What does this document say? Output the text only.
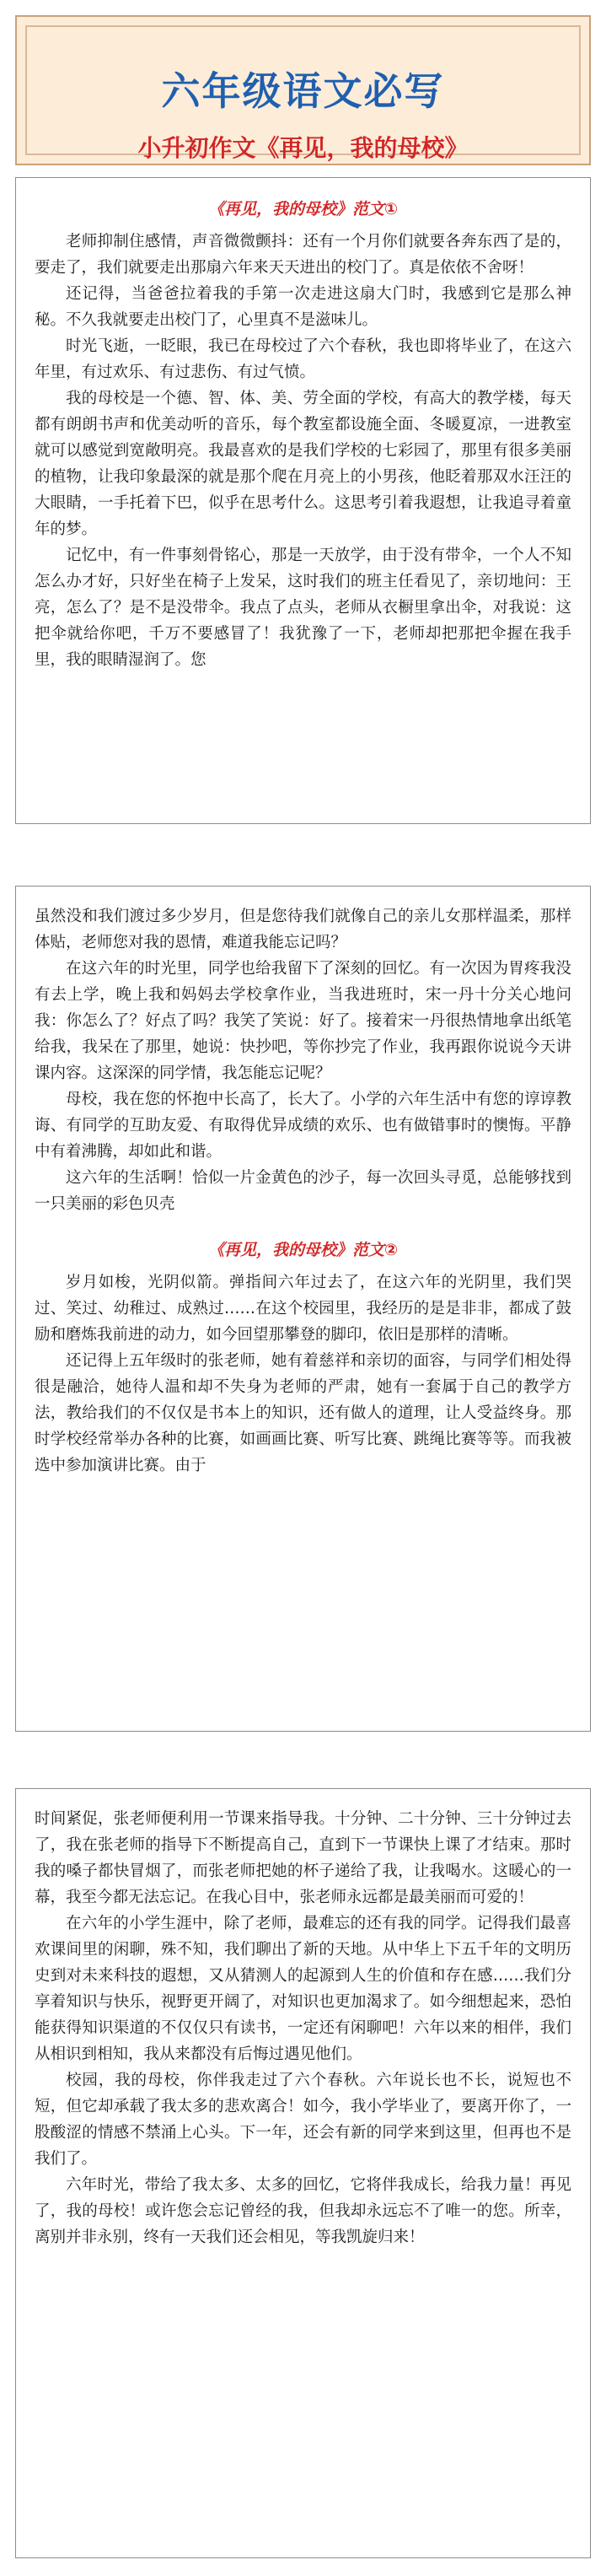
六年级语文必写
小升初作文《再见，我的母校》
《再见，我的母校》范文①

老师抑制住感情，声音微微颤抖：还有一个月你们就要各奔东西了是的，要走了，我们就要走出那扇六年来天天进出的校门了。真是依依不舍呀！

还记得，当爸爸拉着我的手第一次走进这扇大门时，我感到它是那么神秘。不久我就要走出校门了，心里真不是滋味儿。

时光飞逝，一眨眼，我已在母校过了六个春秋，我也即将毕业了，在这六年里，有过欢乐、有过悲伤、有过气愤。

我的母校是一个德、智、体、美、劳全面的学校，有高大的教学楼，每天都有朗朗书声和优美动听的音乐，每个教室都设施全面、冬暖夏凉，一进教室就可以感觉到宽敞明亮。我最喜欢的是我们学校的七彩园了，那里有很多美丽的植物，让我印象最深的就是那个爬在月亮上的小男孩，他眨着那双水汪汪的大眼睛，一手托着下巴，似乎在思考什么。这思考引着我遐想，让我追寻着童年的梦。

记忆中，有一件事刻骨铭心，那是一天放学，由于没有带伞，一个人不知怎么办才好，只好坐在椅子上发呆，这时我们的班主任看见了，亲切地问：王亮，怎么了？是不是没带伞。我点了点头，老师从衣橱里拿出伞，对我说：这把伞就给你吧，千万不要感冒了！我犹豫了一下，老师却把那把伞握在我手里，我的眼睛湿润了。您

虽然没和我们渡过多少岁月，但是您待我们就像自己的亲儿女那样温柔，那样体贴，老师您对我的恩情，难道我能忘记吗？

在这六年的时光里，同学也给我留下了深刻的回忆。有一次因为胃疼我没有去上学，晚上我和妈妈去学校拿作业，当我进班时，宋一丹十分关心地问我：你怎么了？好点了吗？我笑了笑说：好了。接着宋一丹很热情地拿出纸笔给我，我呆在了那里，她说：快抄吧，等你抄完了作业，我再跟你说说今天讲课内容。这深深的同学情，我怎能忘记呢？

母校，我在您的怀抱中长高了，长大了。小学的六年生活中有您的谆谆教诲、有同学的互助友爱、有取得优异成绩的欢乐、也有做错事时的懊悔。平静中有着沸腾，却如此和谐。

这六年的生活啊！恰似一片金黄色的沙子，每一次回头寻觅，总能够找到一只美丽的彩色贝壳

《再见，我的母校》范文②

岁月如梭，光阴似箭。弹指间六年过去了，在这六年的光阴里，我们哭过、笑过、幼稚过、成熟过……在这个校园里，我经历的是是非非，都成了鼓励和磨炼我前进的动力，如今回望那攀登的脚印，依旧是那样的清晰。

还记得上五年级时的张老师，她有着慈祥和亲切的面容，与同学们相处得很是融洽，她待人温和却不失身为老师的严肃，她有一套属于自己的教学方法，教给我们的不仅仅是书本上的知识，还有做人的道理，让人受益终身。那时学校经常举办各种的比赛，如画画比赛、听写比赛、跳绳比赛等等。而我被选中参加演讲比赛。由于

时间紧促，张老师便利用一节课来指导我。十分钟、二十分钟、三十分钟过去了，我在张老师的指导下不断提高自己，直到下一节课快上课了才结束。那时我的嗓子都快冒烟了，而张老师把她的杯子递给了我，让我喝水。这暖心的一幕，我至今都无法忘记。在我心目中，张老师永远都是最美丽而可爱的！

在六年的小学生涯中，除了老师，最难忘的还有我的同学。记得我们最喜欢课间里的闲聊，殊不知，我们聊出了新的天地。从中华上下五千年的文明历史到对未来科技的遐想，又从猜测人的起源到人生的价值和存在感……我们分享着知识与快乐，视野更开阔了，对知识也更加渴求了。如今细想起来，恐怕能获得知识渠道的不仅仅只有读书，一定还有闲聊吧！六年以来的相伴，我们从相识到相知，我从来都没有后悔过遇见他们。

校园，我的母校，你伴我走过了六个春秋。六年说长也不长，说短也不短，但它却承载了我太多的悲欢离合！如今，我小学毕业了，要离开你了，一股酸涩的情感不禁涌上心头。下一年，还会有新的同学来到这里，但再也不是我们了。

六年时光，带给了我太多、太多的回忆，它将伴我成长，给我力量！再见了，我的母校！或许您会忘记曾经的我，但我却永远忘不了唯一的您。所幸，离别并非永别，终有一天我们还会相见，等我凯旋归来！
